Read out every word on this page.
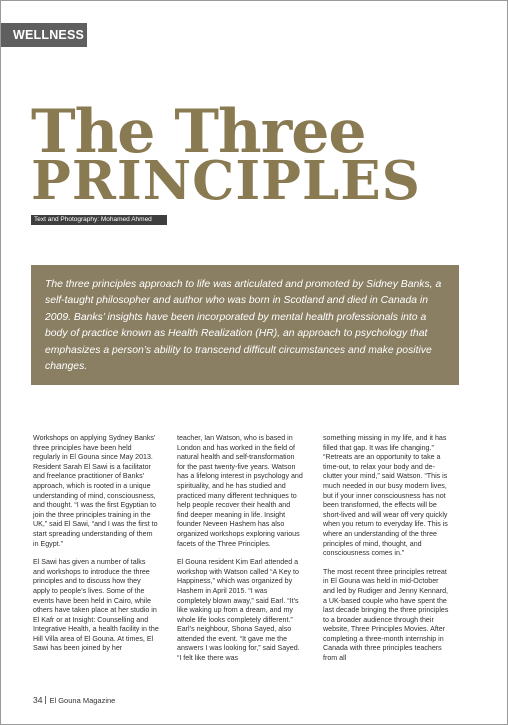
WELLNESS
The Three
PRINCIPLES
Text and Photography: Mohamed Ahmed
The three principles approach to life was articulated and promoted by Sidney Banks, a self-taught philosopher and author who was born in Scotland and died in Canada in 2009. Banks’ insights have been incorporated by mental health professionals into a body of practice known as Health Realization (HR), an approach to psychology that emphasizes a person’s ability to transcend difficult circumstances and make positive changes.

Workshops on applying Sydney Banks’ three principles have been held regularly in El Gouna since May 2013. Resident Sarah El Sawi is a facilitator and freelance practitioner of Banks’ approach, which is rooted in a unique understanding of mind, consciousness, and thought. “I was the first Egyptian to join the three principles training in the UK,” said El Sawi, “and I was the first to start spreading understanding of them in Egypt.”

El Sawi has given a number of talks and workshops to introduce the three principles and to discuss how they apply to people’s lives. Some of the events have been held in Cairo, while others have taken place at her studio in El Kafr or at Insight: Counselling and Integrative Health, a health facility in the Hill Villa area of El Gouna. At times, El Sawi has been joined by her

teacher, Ian Watson, who is based in London and has worked in the field of natural health and self-transformation for the past twenty-five years. Watson has a lifelong interest in psychology and spirituality, and he has studied and practiced many different techniques to help people recover their health and find deeper meaning in life. Insight founder Neveen Hashem has also organized workshops exploring various facets of the Three Principles.

El Gouna resident Kim Earl attended a workshop with Watson called “A Key to Happiness,” which was organized by Hashem in April 2015. “I was completely blown away,” said Earl. “It’s like waking up from a dream, and my whole life looks completely different.” Earl’s neighbour, Shona Sayed, also attended the event. “It gave me the answers I was looking for,” said Sayed. “I felt like there was

something missing in my life, and it has filled that gap. It was life changing.” “Retreats are an opportunity to take a time-out, to relax your body and de-clutter your mind,” said Watson. “This is much needed in our busy modern lives, but if your inner consciousness has not been transformed, the effects will be short-lived and will wear off very quickly when you return to everyday life. This is where an understanding of the three principles of mind, thought, and consciousness comes in.”

The most recent three principles retreat in El Gouna was held in mid-October and led by Rudiger and Jenny Kennard, a UK-based couple who have spent the last decade bringing the three principles to a broader audience through their website, Three Principles Movies. After completing a three-month internship in Canada with three principles teachers from all

34 El Gouna Magazine
